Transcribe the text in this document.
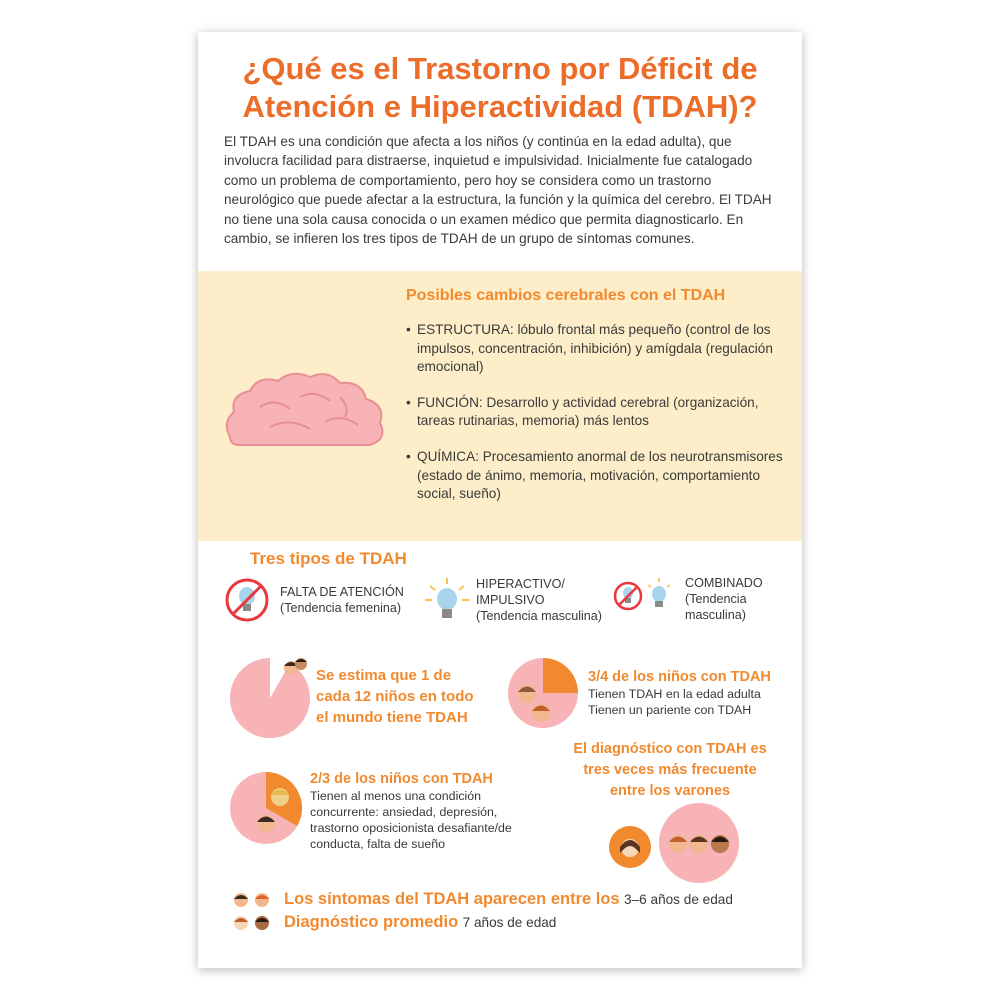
¿Qué es el Trastorno por Déficit de
Atención e Hiperactividad (TDAH)?
El TDAH es una condición que afecta a los niños (y continúa en la edad adulta), que involucra facilidad para distraerse, inquietud e impulsividad. Inicialmente fue catalogado como un problema de comportamiento, pero hoy se considera como un trastorno neurológico que puede afectar a la estructura, la función y la química del cerebro. El TDAH no tiene una sola causa conocida o un examen médico que permita diagnosticarlo. En cambio, se infieren los tres tipos de TDAH de un grupo de síntomas comunes.
Posibles cambios cerebrales con el TDAH
• ESTRUCTURA: lóbulo frontal más pequeño (control de los impulsos, concentración, inhibición) y amígdala (regulación emocional)
• FUNCIÓN: Desarrollo y actividad cerebral (organización, tareas rutinarias, memoria) más lentos
• QUÍMICA: Procesamiento anormal de los neurotransmisores (estado de ánimo, memoria, motivación, comportamiento social, sueño)
Tres tipos de TDAH
FALTA DE ATENCIÓN
(Tendencia femenina)
HIPERACTIVO/
IMPULSIVO
(Tendencia masculina)
COMBINADO
(Tendencia
masculina)
Se estima que 1 de
cada 12 niños en todo
el mundo tiene TDAH
3/4 de los niños con TDAH
Tienen TDAH en la edad adulta
Tienen un pariente con TDAH
2/3 de los niños con TDAH
Tienen al menos una condición
concurrente: ansiedad, depresión,
trastorno oposicionista desafiante/de
conducta, falta de sueño
El diagnóstico con TDAH es
tres veces más frecuente
entre los varones
Los síntomas del TDAH aparecen entre los 3–6 años de edad
Diagnóstico promedio 7 años de edad
